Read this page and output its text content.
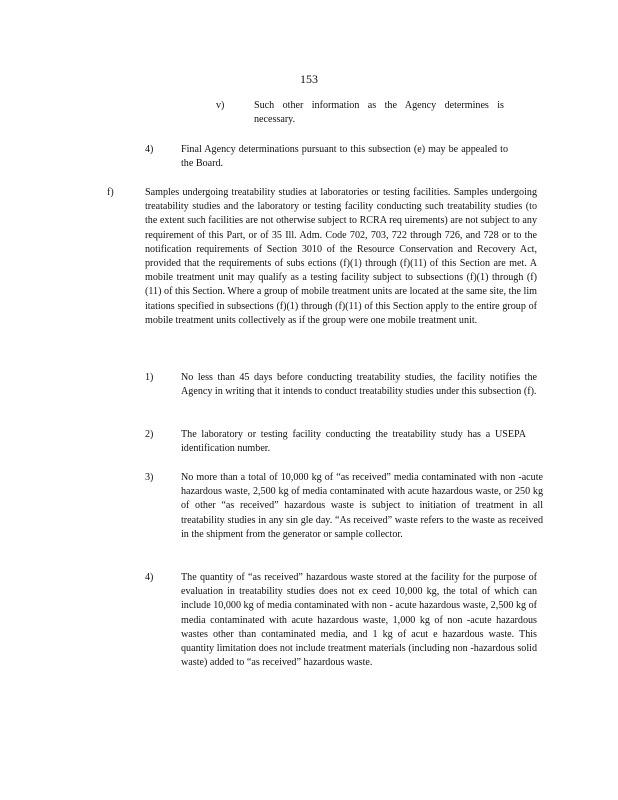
153
v)	Such other information as the Agency determines is necessary.
4)	Final Agency determinations pursuant to this subsection (e) may be appealed to the Board.
f)	Samples undergoing treatability studies at laboratories or testing facilities. Samples undergoing treatability studies and the laboratory or testing facility conducting such treatability studies (to the extent such facilities are not otherwise subject to RCRA req uirements) are not subject to any requirement of this Part, or of 35 Ill. Adm. Code 702, 703, 722 through 726, and 728 or to the notification requirements of Section 3010 of the Resource Conservation and Recovery Act, provided that the requirements of subs ections (f)(1) through (f)(11) of this Section are met. A mobile treatment unit may qualify as a testing facility subject to subsections (f)(1) through (f)(11) of this Section. Where a group of mobile treatment units are located at the same site, the lim itations specified in subsections (f)(1) through (f)(11) of this Section apply to the entire group of mobile treatment units collectively as if the group were one mobile treatment unit.
1)	No less than 45 days before conducting treatability studies, the facility notifies the Agency in writing that it intends to conduct treatability studies under this subsection (f).
2)	The laboratory or testing facility conducting the treatability study has a USEPA identification number.
3)	No more than a total of 10,000 kg of “as received” media contaminated with non -acute hazardous waste, 2,500 kg of media contaminated with acute hazardous waste, or 250 kg of other “as received” hazardous waste is subject to initiation of treatment in all treatability studies in any sin gle day. “As received” waste refers to the waste as received in the shipment from the generator or sample collector.
4)	The quantity of “as received” hazardous waste stored at the facility for the purpose of evaluation in treatability studies does not ex ceed 10,000 kg, the total of which can include 10,000 kg of media contaminated with non - acute hazardous waste, 2,500 kg of media contaminated with acute hazardous waste, 1,000 kg of non -acute hazardous wastes other than contaminated media, and 1 kg of acut e hazardous waste. This quantity limitation does not include treatment materials (including non -hazardous solid waste) added to “as received” hazardous waste.
